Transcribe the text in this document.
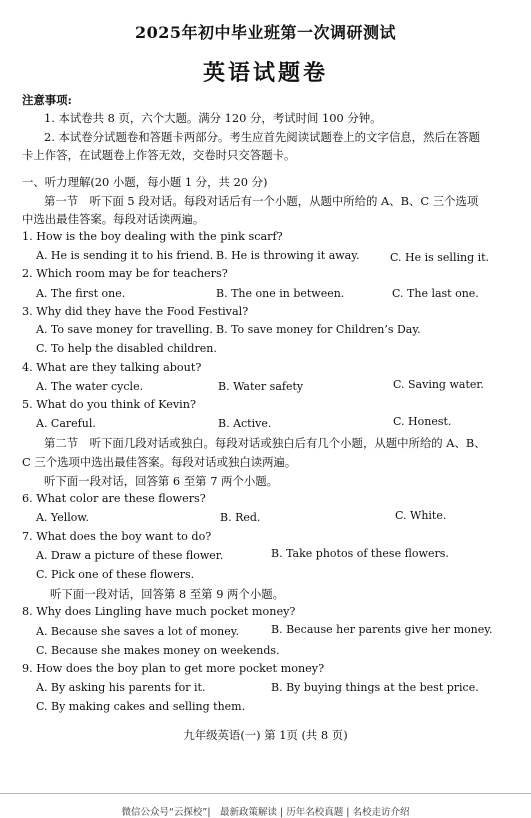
2025年初中毕业班第一次调研测试
英语试题卷
注意事项:
1. 本试卷共 8 页，六个大题。满分 120 分，考试时间 100 分钟。
2. 本试卷分试题卷和答题卡两部分。考生应首先阅读试题卷上的文字信息，然后在答题
卡上作答，在试题卷上作答无效，交卷时只交答题卡。
一、听力理解(20 小题，每小题 1 分，共 20 分)
第一节　听下面 5 段对话。每段对话后有一个小题，从题中所给的 A、B、C 三个选项
中选出最佳答案。每段对话读两遍。
1. How is the boy dealing with the pink scarf?
A. He is sending it to his friend. B. He is throwing it away.	C. He is selling it.
2. Which room may be for teachers?
A. The first one.	B. The one in between.	C. The last one.
3. Why did they have the Food Festival?
A. To save money for travelling. B. To save money for Children’s Day.
C. To help the disabled children.
4. What are they talking about?
A. The water cycle.	B. Water safety	C. Saving water.
5. What do you think of Kevin?
A. Careful.	B. Active.	C. Honest.
第二节　听下面几段对话或独白。每段对话或独白后有几个小题，从题中所给的 A、B、
C 三个选项中选出最佳答案。每段对话或独白读两遍。
听下面一段对话，回答第 6 至第 7 两个小题。
6. What color are these flowers?
A. Yellow.	B. Red.	C. White.
7. What does the boy want to do?
A. Draw a picture of these flower.	B. Take photos of these flowers.
C. Pick one of these flowers.
听下面一段对话，回答第 8 至第 9 两个小题。
8. Why does Lingling have much pocket money?
A. Because she saves a lot of money.	B. Because her parents give her money.
C. Because she makes money on weekends.
9. How does the boy plan to get more pocket money?
A. By asking his parents for it.	B. By buying things at the best price.
C. By making cakes and selling them.
九年级英语(一) 第 1页 (共 8 页)
微信公众号“云探校”|　最新政策解读 | 历年名校真题 | 名校走访介绍
